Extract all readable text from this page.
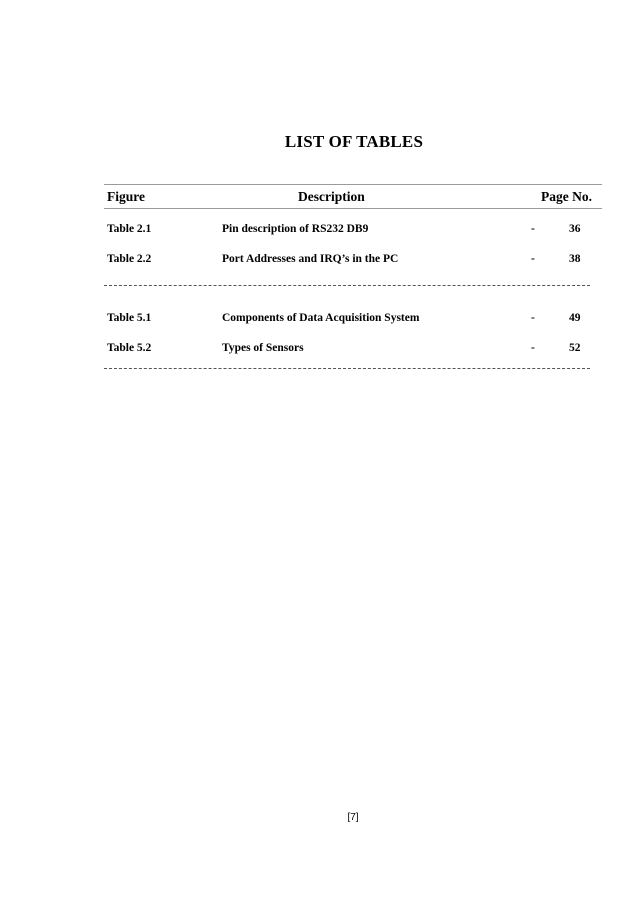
LIST OF TABLES
Figure	Description	Page No.
Table 2.1	Pin description of RS232 DB9	-	36
Table 2.2	Port Addresses and IRQ’s in the PC	-	38
Table 5.1	Components of Data Acquisition System	-	49
Table 5.2	Types of Sensors	-	52
[7]
